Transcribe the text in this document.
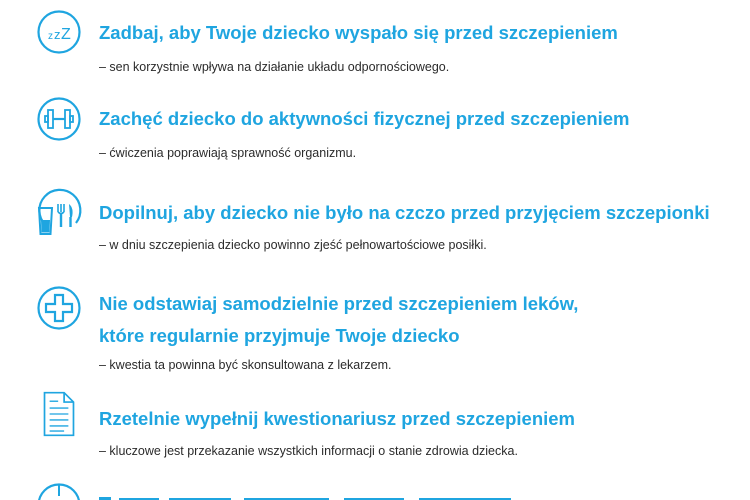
z z Z Zadbaj, aby Twoje dziecko wyspało się przed szczepieniem

– sen korzystnie wpływa na działanie układu odpornościowego.

Zachęć dziecko do aktywności fizycznej przed szczepieniem

– ćwiczenia poprawiają sprawność organizmu.

Dopilnuj, aby dziecko nie było na czczo przed przyjęciem szczepionki

– w dniu szczepienia dziecko powinno zjeść pełnowartościowe posiłki.

Nie odstawiaj samodzielnie przed szczepieniem leków,
które regularnie przyjmuje Twoje dziecko

– kwestia ta powinna być skonsultowana z lekarzem.

Rzetelnie wypełnij kwestionariusz przed szczepieniem

– kluczowe jest przekazanie wszystkich informacji o stanie zdrowia dziecka.
